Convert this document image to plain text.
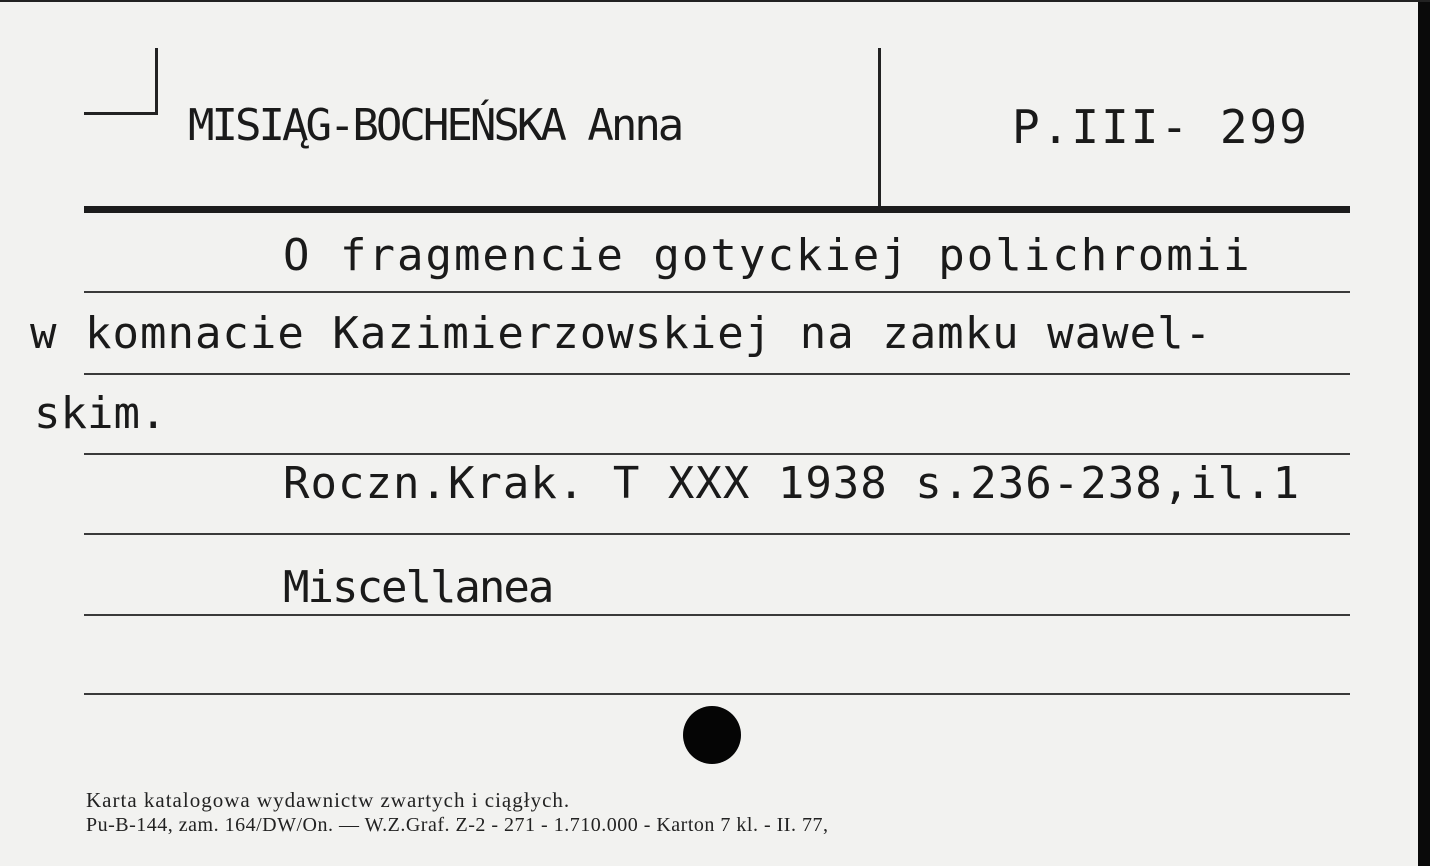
MISIĄG-BOCHEŃSKA Anna	P.III- 299
O fragmencie gotyckiej polichromii
w komnacie Kazimierzowskiej na zamku wawel-
skim.
Roczn.Krak. T XXX 1938 s.236-238,il.1
Miscellanea
Karta katalogowa wydawnictw zwartych i ciągłych.
Pu-B-144, zam. 164/DW/On. — W.Z.Graf. Z-2 - 271 - 1.710.000 - Karton 7 kl. - II. 77,
